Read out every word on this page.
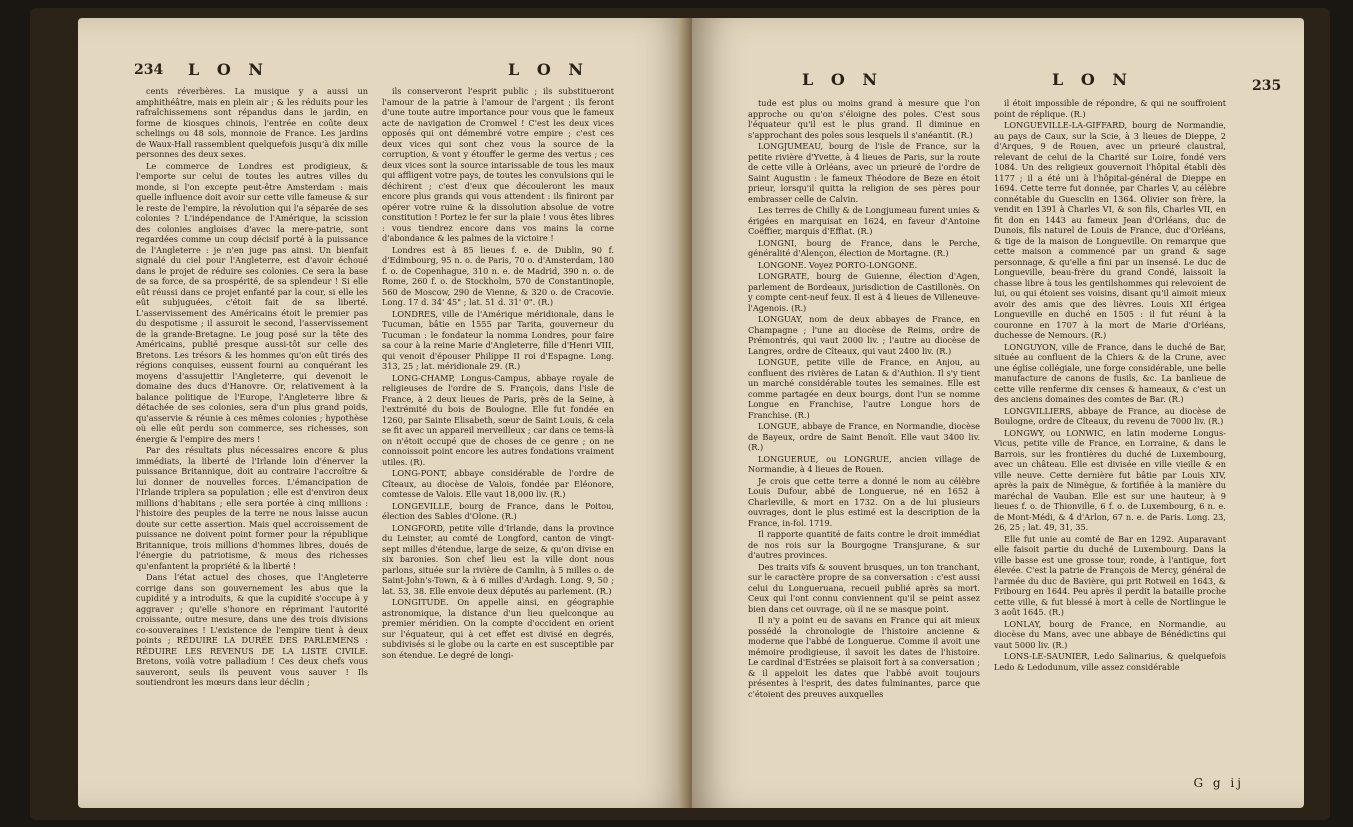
234 L O N	L O N

cents réverbères. La musique y a aussi un amphithéâtre, mais en plein air ; & les réduits pour les rafraîchissemens sont répandus dans le jardin, en forme de kiosques chinois, l'entrée en coûte deux schelings ou 48 sols, monnoie de France. Les jardins de Waux-Hall rassemblent quelquefois jusqu'à dix mille personnes des deux sexes.

Le commerce de Londres est prodigieux, & l'emporte sur celui de toutes les autres villes du monde, si l'on excepte peut-être Amsterdam : mais quelle influence doit avoir sur cette ville fameuse & sur le reste de l'empire, la révolution qui l'a séparée de ses colonies ? L'indépendance de l'Amérique, la scission des colonies angloises d'avec la mere-patrie, sont regardées comme un coup décisif porté à la puissance de l'Angleterre : je n'en juge pas ainsi. Un bienfait signalé du ciel pour l'Angleterre, est d'avoir échoué dans le projet de réduire ses colonies. Ce sera la base de sa force, de sa prospérité, de sa splendeur ! Si elle eût réussi dans ce projet enfanté par la cour, si elle les eût subjuguées, c'étoit fait de sa liberté. L'asservissement des Américains étoit le premier pas du despotisme ; il assuroit le second, l'asservissement de la grande-Bretagne. Le joug posé sur la tête des Américains, publié presque aussi-tôt sur celle des Bretons. Les trésors & les hommes qu'on eût tirés des régions conquises, eussent fourni au conquérant les moyens d'assujettir l'Angleterre, qui devenoit le domaine des ducs d'Hanovre. Or, relativement à la balance politique de l'Europe, l'Angleterre libre & détachée de ses colonies, sera d'un plus grand poids, qu'asservie & réunie à ces mêmes colonies ; hypothèse où elle eût perdu son commerce, ses richesses, son énergie & l'empire des mers !

Par des résultats plus nécessaires encore & plus immédiats, la liberté de l'Irlande loin d'énerver la puissance Britannique, doit au contraire l'accroître & lui donner de nouvelles forces. L'émancipation de l'Irlande triplera sa population ; elle est d'environ deux millions d'habitans ; elle sera portée à cinq millions : l'histoire des peuples de la terre ne nous laisse aucun doute sur cette assertion. Mais quel accroissement de puissance ne doivent point former pour la république Britannique, trois millions d'hommes libres, doués de l'énergie du patriotisme, & mous des richesses qu'enfantent la propriété & la liberté !

Dans l'état actuel des choses, que l'Angleterre corrige dans son gouvernement les abus que la cupidité y a introduits, & que la cupidité s'occupe à y aggraver ; qu'elle s'honore en réprimant l'autorité croissante, outre mesure, dans une des trois divisions co-souveraines ! L'existence de l'empire tient à deux points ; RÉDUIRE LA DURÉE DES PARLEMENS : RÉDUIRE LES REVENUS DE LA LISTE CIVILE. Bretons, voilà votre palladium ! Ces deux chefs vous sauveront, seuls ils peuvent vous sauver ! Ils soutiendront les mœurs dans leur déclin ;

ils conserveront l'esprit public ; ils substitueront l'amour de la patrie à l'amour de l'argent ; ils feront d'une toute autre importance pour vous que le fameux acte de navigation de Cromwel ! C'est les deux vices opposés qui ont démembré votre empire ; c'est ces deux vices qui sont chez vous la source de la corruption, & vont y étouffer le germe des vertus ; ces deux vices sont la source intarissable de tous les maux qui affligent votre pays, de toutes les convulsions qui le déchirent ; c'est d'eux que découleront les maux encore plus grands qui vous attendent : ils finiront par opérer votre ruine & la dissolution absolue de votre constitution ! Portez le fer sur la plaie ! vous êtes libres : vous tiendrez encore dans vos mains la corne d'abondance & les palmes de la victoire !

Londres est à 85 lieues f. e. de Dublin, 90 f. d'Edimbourg, 95 n. o. de Paris, 70 o. d'Amsterdam, 180 f. o. de Copenhague, 310 n. e. de Madrid, 390 n. o. de Rome, 260 f. o. de Stockholm, 570 de Constantinople, 560 de Moscow, 290 de Vienne, & 320 o. de Cracovie. Long. 17 d. 34' 45" ; lat. 51 d. 31' 0". (R.)

LONDRES, ville de l'Amérique méridionale, dans le Tucuman, bâtie en 1555 par Tarita, gouverneur du Tucuman : le fondateur la nomma Londres, pour faire sa cour à la reine Marie d'Angleterre, fille d'Henri VIII, qui venoit d'épouser Philippe II roi d'Espagne. Long. 313, 25 ; lat. méridionale 29. (R.)

LONG-CHAMP, Longus-Campus, abbaye royale de religieuses de l'ordre de S. François, dans l'isle de France, à 2 deux lieues de Paris, près de la Seine, à l'extrémité du bois de Boulogne. Elle fut fondée en 1260, par Sainte Elisabeth, sœur de Saint Louis, & cela se fit avec un appareil merveilleux ; car dans ce tems-là on n'étoit occupé que de choses de ce genre ; on ne connoissoit point encore les autres fondations vraiment utiles. (R).

LONG-PONT, abbaye considérable de l'ordre de Cîteaux, au diocèse de Valois, fondée par Eléonore, comtesse de Valois. Elle vaut 18,000 liv. (R.)

LONGEVILLE, bourg de France, dans le Poitou, élection des Sables d'Olone. (R.)

LONGFORD, petite ville d'Irlande, dans la province du Leinster, au comté de Longford, canton de vingt-sept milles d'étendue, large de seize, & qu'on divise en six baronies. Son chef lieu est la ville dont nous parlons, située sur la rivière de Camlin, à 5 milles o. de Saint-John's-Town, & à 6 milles d'Ardagh. Long. 9, 50 ; lat. 53, 38. Elle envoie deux députés au parlement. (R.)

LONGITUDE. On appelle ainsi, en géographie astronomique, la distance d'un lieu quelconque au premier méridien. On la compte d'occident en orient sur l'équateur, qui à cet effet est divisé en degrés, subdivisés si le globe ou la carte en est susceptible par son étendue. Le degré de longi-

L O N	L O N	235

tude est plus ou moins grand à mesure que l'on approche ou qu'on s'éloigne des poles. C'est sous l'équateur qu'il est le plus grand. Il diminue en s'approchant des poles sous lesquels il s'anéantit. (R.)

LONGJUMEAU, bourg de l'isle de France, sur la petite rivière d'Yvette, à 4 lieues de Paris, sur la route de cette ville à Orléans, avec un prieuré de l'ordre de Saint Augustin : le fameux Théodore de Beze en étoit prieur, lorsqu'il quitta la religion de ses pères pour embrasser celle de Calvin.

Les terres de Chilly & de Longjumeau furent unies & érigées en marquisat en 1624, en faveur d'Antoine Coëffier, marquis d'Effiat. (R.)

LONGNI, bourg de France, dans le Perche, généralité d'Alençon, élection de Mortagne. (R.)

LONGONE. Voyez PORTO-LONGONE.

LONGRATE, bourg de Guienne, élection d'Agen, parlement de Bordeaux, jurisdiction de Castillonès. On y compte cent-neuf feux. Il est à 4 lieues de Villeneuve-l'Agenois. (R.)

LONGUAY, nom de deux abbayes de France, en Champagne ; l'une au diocèse de Reims, ordre de Prémontrés, qui vaut 2000 liv. ; l'autre au diocèse de Langres, ordre de Cîteaux, qui vaut 2400 liv. (R.)

LONGUE, petite ville de France, en Anjou, au confluent des rivières de Latan & d'Authion. Il s'y tient un marché considérable toutes les semaines. Elle est comme partagée en deux bourgs, dont l'un se nomme Longue en Franchise, l'autre Longue hors de Franchise. (R.)

LONGUE, abbaye de France, en Normandie, diocèse de Bayeux, ordre de Saint Benoît. Elle vaut 3400 liv. (R.)

LONGUERUE, ou LONGRUE, ancien village de Normandie, à 4 lieues de Rouen.

Je crois que cette terre a donné le nom au célèbre Louis Dufour, abbé de Longuerue, né en 1652 à Charleville, & mort en 1732. On a de lui plusieurs ouvrages, dont le plus estimé est la description de la France, in-fol. 1719.

Il rapporte quantité de faits contre le droit immédiat de nos rois sur la Bourgogne Transjurane, & sur d'autres provinces.

Des traits vifs & souvent brusques, un ton tranchant, sur le caractère propre de sa conversation : c'est aussi celui du Longueruana, recueil publié après sa mort. Ceux qui l'ont connu conviennent qu'il se peint assez bien dans cet ouvrage, où il ne se masque point.

Il n'y a point eu de savans en France qui ait mieux possédé la chronologie de l'histoire ancienne & moderne que l'abbé de Longuerue. Comme il avoit une mémoire prodigieuse, il savoit les dates de l'histoire. Le cardinal d'Estrées se plaisoit fort à sa conversation ; & il appeloit les dates que l'abbé avoit toujours présentes à l'esprit, des dates fulminantes, parce que c'étoient des preuves auxquelles

il étoit impossible de répondre, & qui ne souffroient point de réplique. (R.)

LONGUEVILLE-LA-GIFFARD, bourg de Normandie, au pays de Caux, sur la Scie, à 3 lieues de Dieppe, 2 d'Arques, 9 de Rouen, avec un prieuré claustral, relevant de celui de la Charité sur Loire, fondé vers 1084. Un des religieux gouvernoit l'hôpital établi dès 1177 ; il a été uni à l'hôpital-général de Dieppe en 1694. Cette terre fut donnée, par Charles V, au célèbre connétable du Guesclin en 1364. Olivier son frère, la vendit en 1391 à Charles VI, & son fils, Charles VII, en fit don en 1443 au fameux Jean d'Orléans, duc de Dunois, fils naturel de Louis de France, duc d'Orléans, & tige de la maison de Longueville. On remarque que cette maison a commencé par un grand & sage personnage, & qu'elle a fini par un insensé. Le duc de Longueville, beau-frère du grand Condé, laissoit la chasse libre à tous les gentilshommes qui relevoient de lui, ou qui étoient ses voisins, disant qu'il aimoit mieux avoir des amis que des lièvres. Louis XII érigea Longueville en duché en 1505 : il fut réuni à la couronne en 1707 à la mort de Marie d'Orléans, duchesse de Nemours. (R.)

LONGUYON, ville de France, dans le duché de Bar, située au confluent de la Chiers & de la Crune, avec une église collégiale, une forge considérable, une belle manufacture de canons de fusils, &c. La banlieue de cette ville renferme dix censes & hameaux, & c'est un des anciens domaines des comtes de Bar. (R.)

LONGVILLIERS, abbaye de France, au diocèse de Boulogne, ordre de Cîteaux, du revenu de 7000 liv. (R.)

LONGWY, ou LONWIC, en latin moderne Longus-Vicus, petite ville de France, en Lorraine, & dans le Barrois, sur les frontières du duché de Luxembourg, avec un château. Elle est divisée en ville vieille & en ville neuve. Cette dernière fut bâtie par Louis XIV, après la paix de Nimègue, & fortifiée à la manière du maréchal de Vauban. Elle est sur une hauteur, à 9 lieues f. o. de Thionville, 6 f. o. de Luxembourg, 6 n. e. de Mont-Médi, & 4 d'Arlon, 67 n. e. de Paris. Long. 23, 26, 25 ; lat. 49, 31, 35.

Elle fut unie au comté de Bar en 1292. Auparavant elle faisoit partie du duché de Luxembourg. Dans la ville basse est une grosse tour, ronde, à l'antique, fort élevée. C'est la patrie de François de Mercy, général de l'armée du duc de Bavière, qui prit Rotweil en 1643, & Fribourg en 1644. Peu après il perdit la bataille proche cette ville, & fut blessé à mort à celle de Nortlingue le 3 août 1645. (R.)

LONLAY, bourg de France, en Normandie, au diocèse du Mans, avec une abbaye de Bénédictins qui vaut 5000 liv. (R.)

LONS-LE-SAUNIER, Ledo Salinarius, & quelquefois Ledo & Ledodunum, ville assez considérable

G g ij
